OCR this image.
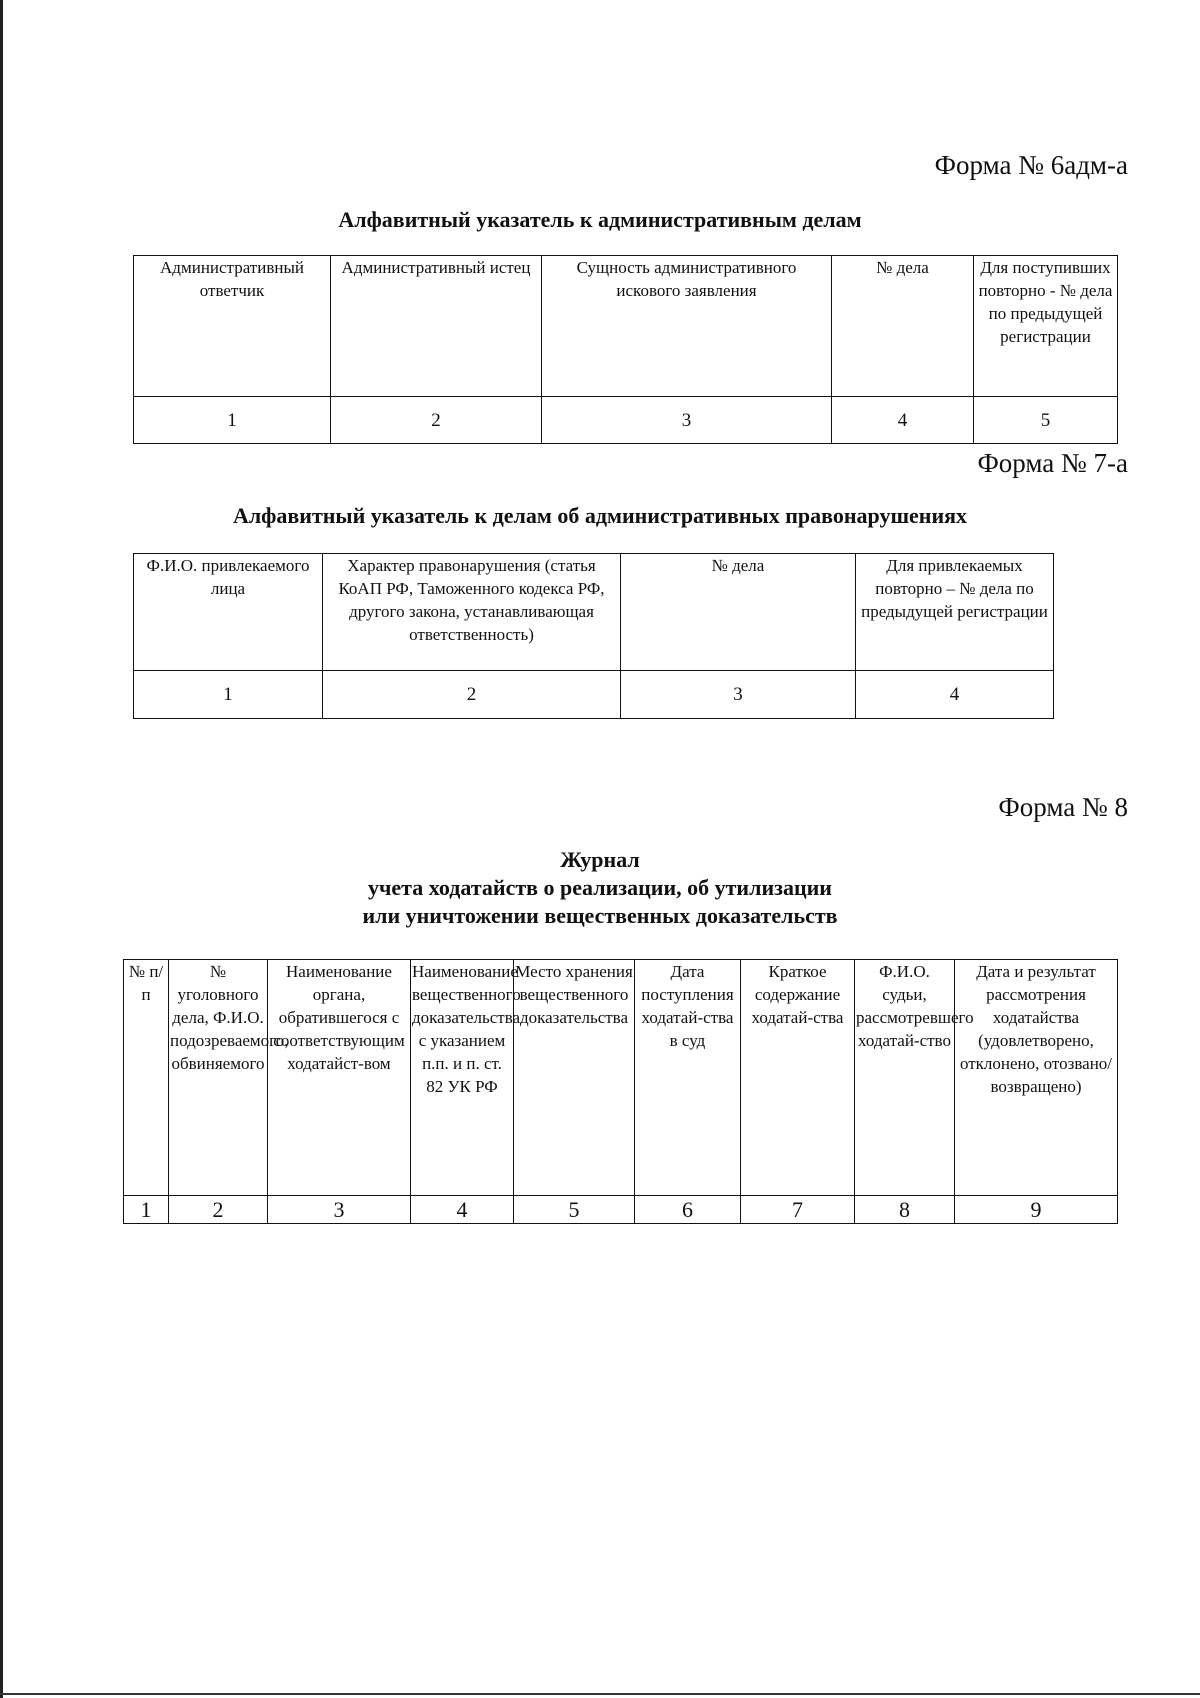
Форма № 6адм-а
Алфавитный указатель к административным делам
Административный ответчик	Административный истец	Сущность административного искового заявления	№ дела	Для поступивших повторно - № дела по предыдущей регистрации
1	2	3	4	5
Форма № 7-а
Алфавитный указатель к делам об административных правонарушениях
Ф.И.О. привлекаемого лица	Характер правонарушения (статья КоАП РФ, Таможенного кодекса РФ, другого закона, устанавливающая ответственность)	№ дела	Для привлекаемых повторно – № дела по предыдущей регистрации
1	2	3	4
Форма № 8
Журнал
учета ходатайств о реализации, об утилизации
или уничтожении вещественных доказательств
№ п/п	№ уголовного дела, Ф.И.О. подозреваемого, обвиняемого	Наименование органа, обратившегося с соответствующим ходатайст-вом	Наименование вещественного доказательства с указанием п.п. и п. ст. 82 УК РФ	Место хранения вещественного доказательства	Дата поступления ходатай-ства в суд	Краткое содержание ходатай-ства	Ф.И.О. судьи, рассмотревшего ходатай-ство	Дата и результат рассмотрения ходатайства (удовлетворено, отклонено, отозвано/ возвращено)
1	2	3	4	5	6	7	8	9
